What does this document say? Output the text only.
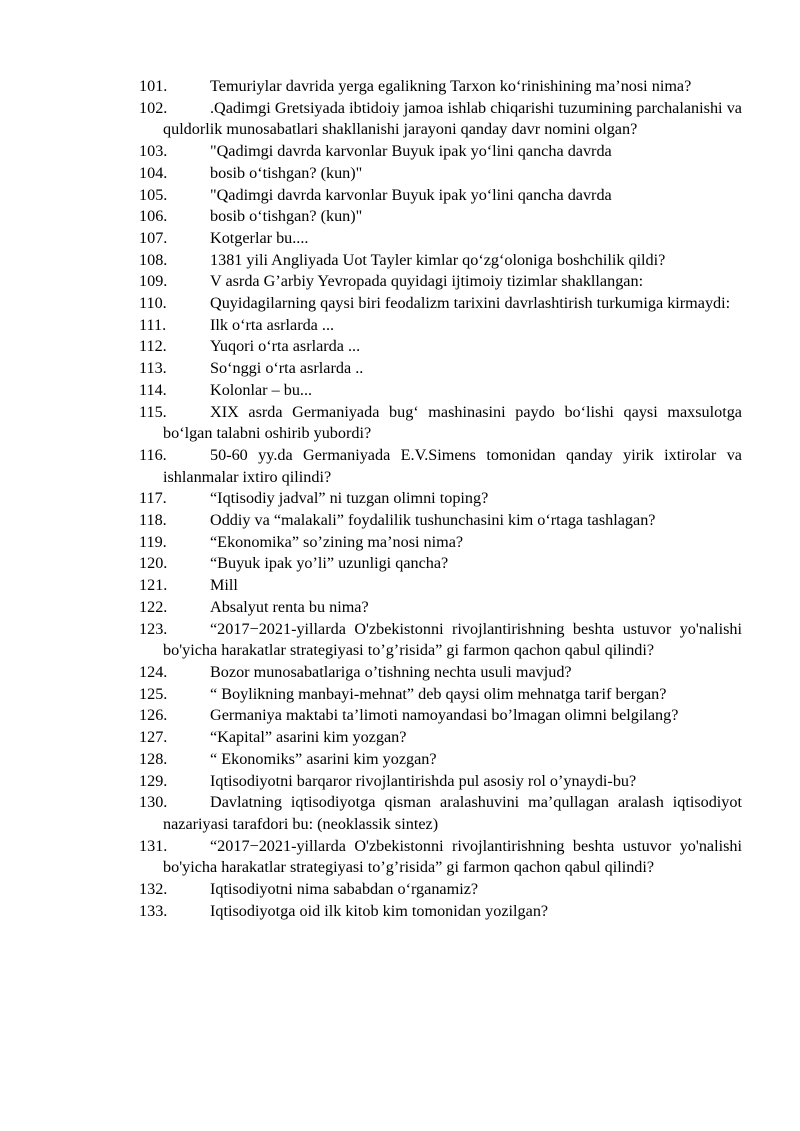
101.	Temuriylar davrida yerga egalikning Tarxon ko‘rinishining ma’nosi nima?
102.	.Qadimgi Gretsiyada ibtidoiy jamoa ishlab chiqarishi tuzumining parchalanishi va quldorlik munosabatlari shakllanishi jarayoni qanday davr nomini olgan?
103.	"Qadimgi davrda karvonlar Buyuk ipak yo‘lini qancha davrda
104.	bosib o‘tishgan? (kun)"
105.	"Qadimgi davrda karvonlar Buyuk ipak yo‘lini qancha davrda
106.	bosib o‘tishgan? (kun)"
107.	Kotgerlar bu....
108.	1381 yili Angliyada Uot Tayler kimlar qo‘zg‘oloniga boshchilik qildi?
109.	V asrda G’arbiy Yevropada quyidagi ijtimoiy tizimlar shakllangan:
110.	Quyidagilarning qaysi biri feodalizm tarixini davrlashtirish turkumiga kirmaydi:
111.	Ilk o‘rta asrlarda ...
112.	Yuqori o‘rta asrlarda ...
113.	So‘nggi o‘rta asrlarda ..
114.	Kolonlar – bu...
115.	XIX asrda Germaniyada bug‘ mashinasini paydo bo‘lishi qaysi maxsulotga bo‘lgan talabni oshirib yubordi?
116.	50-60 yy.da Germaniyada E.V.Simens tomonidan qanday yirik ixtirolar va ishlanmalar ixtiro qilindi?
117.	“Iqtisodiy jadval” ni tuzgan olimni toping?
118.	Oddiy va “malakali” foydalilik tushunchasini kim o‘rtaga tashlagan?
119.	“Ekonomika” so’zining ma’nosi nima?
120.	“Buyuk ipak yo’li” uzunligi qancha?
121.	Mill
122.	Absalyut renta bu nima?
123.	“2017−2021-yillarda O'zbekistonni rivojlantirishning beshta ustuvor yo'nalishi bo'yicha harakatlar strategiyasi to’g’risida” gi farmon qachon qabul qilindi?
124.	Bozor munosabatlariga o’tishning nechta usuli mavjud?
125.	“ Boylikning manbayi-mehnat” deb qaysi olim mehnatga tarif bergan?
126.	Germaniya maktabi ta’limoti namoyandasi bo’lmagan olimni belgilang?
127.	“Kapital” asarini kim yozgan?
128.	“ Ekonomiks” asarini kim yozgan?
129.	Iqtisodiyotni barqaror rivojlantirishda pul asosiy rol o’ynaydi-bu?
130.	Davlatning iqtisodiyotga qisman aralashuvini ma’qullagan aralash iqtisodiyot nazariyasi tarafdori bu: (neoklassik sintez)
131.	“2017−2021-yillarda O'zbekistonni rivojlantirishning beshta ustuvor yo'nalishi bo'yicha harakatlar strategiyasi to’g’risida” gi farmon qachon qabul qilindi?
132.	Iqtisodiyotni nima sababdan o‘rganamiz?
133.	Iqtisodiyotga oid ilk kitob kim tomonidan yozilgan?
